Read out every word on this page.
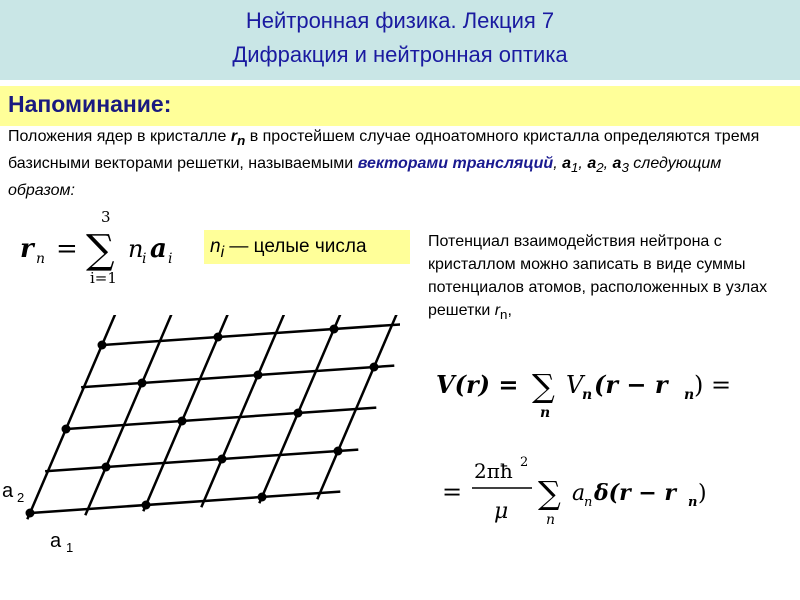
Нейтронная физика. Лекция 7
Дифракция и нейтронная оптика
Напоминание:
Положения ядер в кристалле $r_n$ в простейшем случае одноатомного кристалла определяются тремя базисными векторами решетки, называемыми векторами трансляций, $a_1$, $a_2$, $a_3$ следующим образом:
r n =
3
∑
i=1
n
i a i
$n_i$ — целые числа	Потенциал взаимодействия нейтрона с кристаллом можно записать в виде суммы потенциалов атомов, расположенных в узлах решетки $r_n$,
a 2
a 1
V(r) = ∑
n
V
n (r − r n ) =
=
2πħ 2
μ ∑
n
a
n δ(r − r n )
